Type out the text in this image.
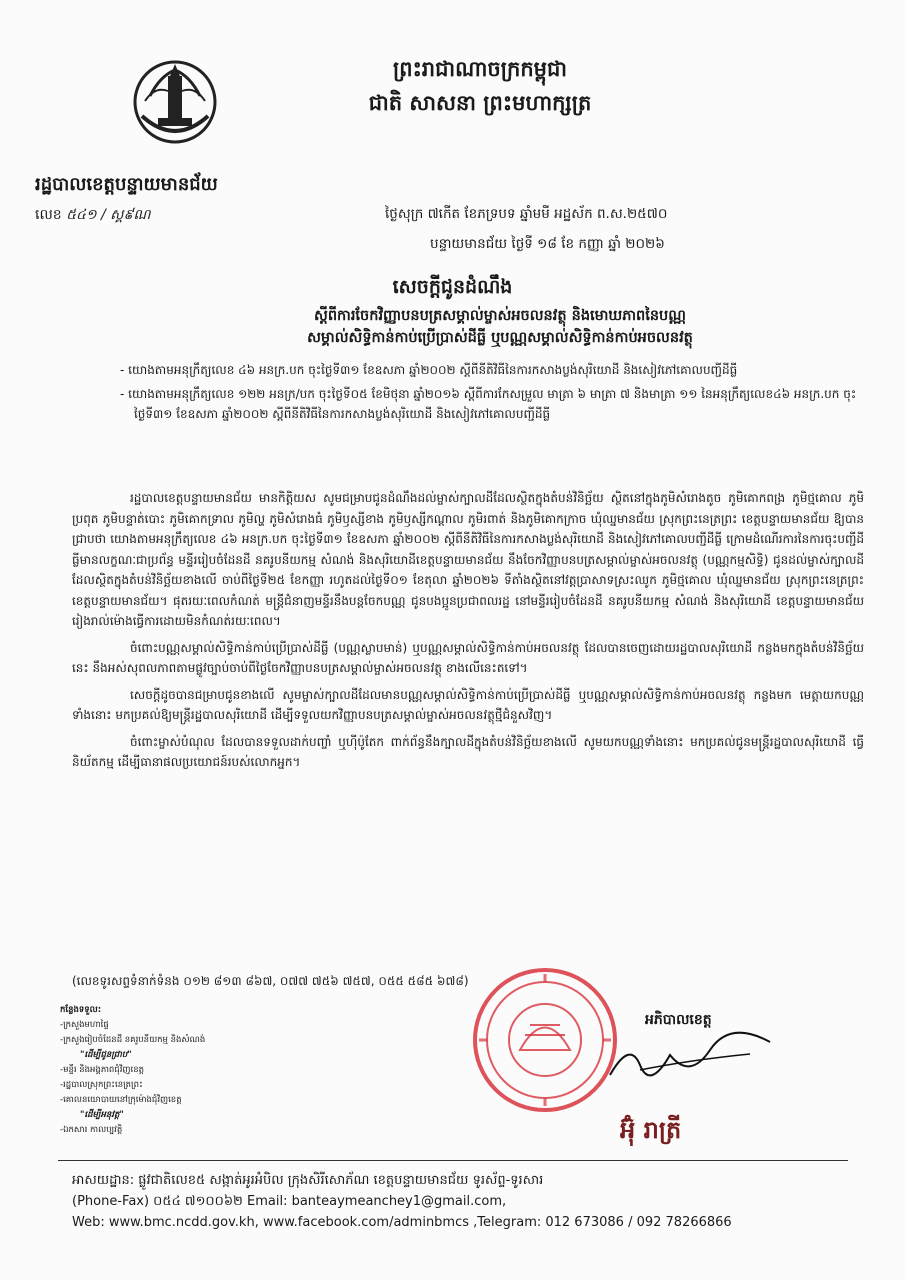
ព្រះរាជាណាចក្រកម្ពុជា
ជាតិ សាសនា ព្រះមហាក្សត្រ
រដ្ឋបាលខេត្តបន្ទាយមានជ័យ
លេខ ៥៤១ / ស្គ៩ណ	ថ្ងៃសុក្រ ៧កើត ខែភទ្របទ ឆ្នាំមមី អដ្ឋស័ក ព.ស.២៥៧០
បន្ទាយមានជ័យ ថ្ងៃទី ១៨ ខែ កញ្ញា ឆ្នាំ ២០២៦
សេចក្តីជូនដំណឹង
ស្តីពីការចែកវិញ្ញាបនបត្រសម្គាល់ម្ចាស់អចលនវត្ថុ និងមោឃភាពនៃបណ្ណ
សម្គាល់សិទ្ធិកាន់កាប់ប្រើប្រាស់ដីធ្លី ឬបណ្ណសម្គាល់សិទ្ធិកាន់កាប់អចលនវត្ថុ
- យោងតាមអនុក្រឹត្យលេខ ៤៦ អនក្រ.បក ចុះថ្ងៃទី៣១ ខែឧសភា ឆ្នាំ២០០២ ស្តីពីនីតិវិធីនៃការកសាងប្លង់សុរិយោដី និងសៀវភៅគោលបញ្ជីដីធ្លី
- យោងតាមអនុក្រឹត្យលេខ ១២២ អនក្រ/បក ចុះថ្ងៃទី០៥ ខែមិថុនា ឆ្នាំ២០១៦ ស្តីពីការកែសម្រួល មាត្រា ៦ មាត្រា ៧ និងមាត្រា ១១ នៃអនុក្រឹត្យលេខ៤៦ អនក្រ.បក ចុះថ្ងៃទី៣១ ខែឧសភា ឆ្នាំ២០០២ ស្តីពីនីតិវិធីនៃការកសាងប្លង់សុរិយោដី និងសៀវភៅគោលបញ្ជីដីធ្លី

រដ្ឋបាលខេត្តបន្ទាយមានជ័យ មានកិត្តិយស សូមជម្រាបជូនដំណឹងដល់ម្ចាស់ក្បាលដីដែលស្ថិតក្នុងតំបន់វិនិច្ឆ័យ ស្ថិតនៅក្នុងភូមិសំរោងតូច ភូមិគោកពង្រ ភូមិថ្មគោល ភូមិប្រពុត ភូមិបន្ទាត់បោះ ភូមិគោកទ្រាល ភូមិល្ហ ភូមិសំរោងធំ ភូមិឫស្សីខាង ភូមិឫស្សីកណ្តាល ភូមិរពាត់ និងភូមិគោកក្រាច ឃុំឈ្នមានជ័យ ស្រុកព្រះនេត្រព្រះ ខេត្តបន្ទាយមានជ័យ ឱ្យបានជ្រាបថា យោងតាមអនុក្រឹត្យលេខ ៤៦ អនក្រ.បក ចុះថ្ងៃទី៣១ ខែឧសភា ឆ្នាំ២០០២ ស្តីពីនីតិវិធីនៃការកសាងប្លង់សុរិយោដី និងសៀវភៅគោលបញ្ជីដីធ្លី ក្រោមដំណើរការនៃការចុះបញ្ជីដីធ្លីមានលក្ខណៈជាប្រព័ន្ធ មន្ទីររៀបចំដែនដី នគរូបនីយកម្ម សំណង់ និងសុរិយោដីខេត្តបន្ទាយមានជ័យ នឹងចែកវិញ្ញាបនបត្រសម្គាល់ម្ចាស់អចលនវត្ថុ (បណ្ណកម្មសិទ្ធិ) ជូនដល់ម្ចាស់ក្បាលដី ដែលស្ថិតក្នុងតំបន់វិនិច្ឆ័យខាងលើ ចាប់ពីថ្ងៃទី២៥ ខែកញ្ញា រហូតដល់ថ្ងៃទី០១ ខែតុលា ឆ្នាំ២០២៦ ទីតាំងស្ថិតនៅវត្តប្រាសាទស្រះឈូក ភូមិថ្មគោល ឃុំឈ្នមានជ័យ ស្រុកព្រះនេត្រព្រះ ខេត្តបន្ទាយមានជ័យ។ ផុតរយៈពេលកំណត់ មន្ត្រីជំនាញមន្ទីរនឹងបន្តចែកបណ្ណ ជូនបងប្អូនប្រជាពលរដ្ឋ នៅមន្ទីររៀបចំដែនដី នគរូបនីយកម្ម សំណង់ និងសុរិយោដី ខេត្តបន្ទាយមានជ័យ រៀងរាល់ម៉ោងធ្វើការដោយមិនកំណត់រយៈពេល។

ចំពោះបណ្ណសម្គាល់សិទ្ធិកាន់កាប់ប្រើប្រាស់ដីធ្លី (បណ្ណស្លាបមាន់) ឬបណ្ណសម្គាល់សិទ្ធិកាន់កាប់អចលនវត្ថុ ដែលបានចេញដោយរដ្ឋបាលសុរិយោដី កន្លងមកក្នុងតំបន់វិនិច្ឆ័យនេះ នឹងអស់សុពលភាពតាមផ្លូវច្បាប់ចាប់ពីថ្ងៃចែកវិញ្ញាបនបត្រសម្គាល់ម្ចាស់អចលនវត្ថុ ខាងលើនេះតទៅ។

សេចក្តីដូចបានជម្រាបជូនខាងលើ សូមម្ចាស់ក្បាលដីដែលមានបណ្ណសម្គាល់សិទ្ធិកាន់កាប់ប្រើប្រាស់ដីធ្លី ឬបណ្ណសម្គាល់សិទ្ធិកាន់កាប់អចលនវត្ថុ កន្លងមក មេត្តាយកបណ្ណទាំងនោះ មកប្រគល់ឱ្យមន្ត្រីរដ្ឋបាលសុរិយោដី ដើម្បីទទួលយកវិញ្ញាបនបត្រសម្គាល់ម្ចាស់អចលនវត្ថុថ្មីជំនួសវិញ។

ចំពោះម្ចាស់បំណុល ដែលបានទទួលដាក់បញ្ចាំ ឬហ៊ីប៉ូតែក ពាក់ព័ន្ធនឹងក្បាលដីក្នុងតំបន់វិនិច្ឆ័យខាងលើ សូមយកបណ្ណទាំងនោះ មកប្រគល់ជូនមន្ត្រីរដ្ឋបាលសុរិយោដី ធ្វើនិយ័តកម្ម ដើម្បីធានាផលប្រយោជន៍របស់លោកអ្នក។

(លេខទូរសព្ទទំនាក់ទំនង ០១២ ៨១៣ ៨៦៧, ០៧៧ ៧៥៦ ៧៥៧, ០៥៥ ៥៨៥ ៦៧៨)
កន្លែងទទួល:
-ក្រសួងមហាផ្ទៃ
-ក្រសួងរៀបចំដែនដី នគរូបនីយកម្ម និងសំណង់
"ដើម្បីជូនជ្រាប"
-មន្ទីរ និងអង្គភាពជុំវិញខេត្ត
-រដ្ឋបាលស្រុកព្រះនេត្រព្រះ
-គោលនយោបាយនៅក្រុម៉ោងជុំវិញខេត្ត
"ដើម្បីអនុវត្ត"
-ឯកសារ កាលប្បវត្តិ
អភិបាលខេត្ត
អ៊ុំ រាត្រី
អាសយដ្ឋាន: ផ្លូវជាតិលេខ៥ សង្កាត់អូរអំបិល ក្រុងសិរីសោភ័ណ ខេត្តបន្ទាយមានជ័យ ទូរស័ព្ទ-ទូរសារ
(Phone-Fax) ០៥៤ ៧១០០៦២ Email: banteaymeanchey1@gmail.com,
Web: www.bmc.ncdd.gov.kh, www.facebook.com/adminbmcs ,Telegram: 012 673086 / 092 78266866
